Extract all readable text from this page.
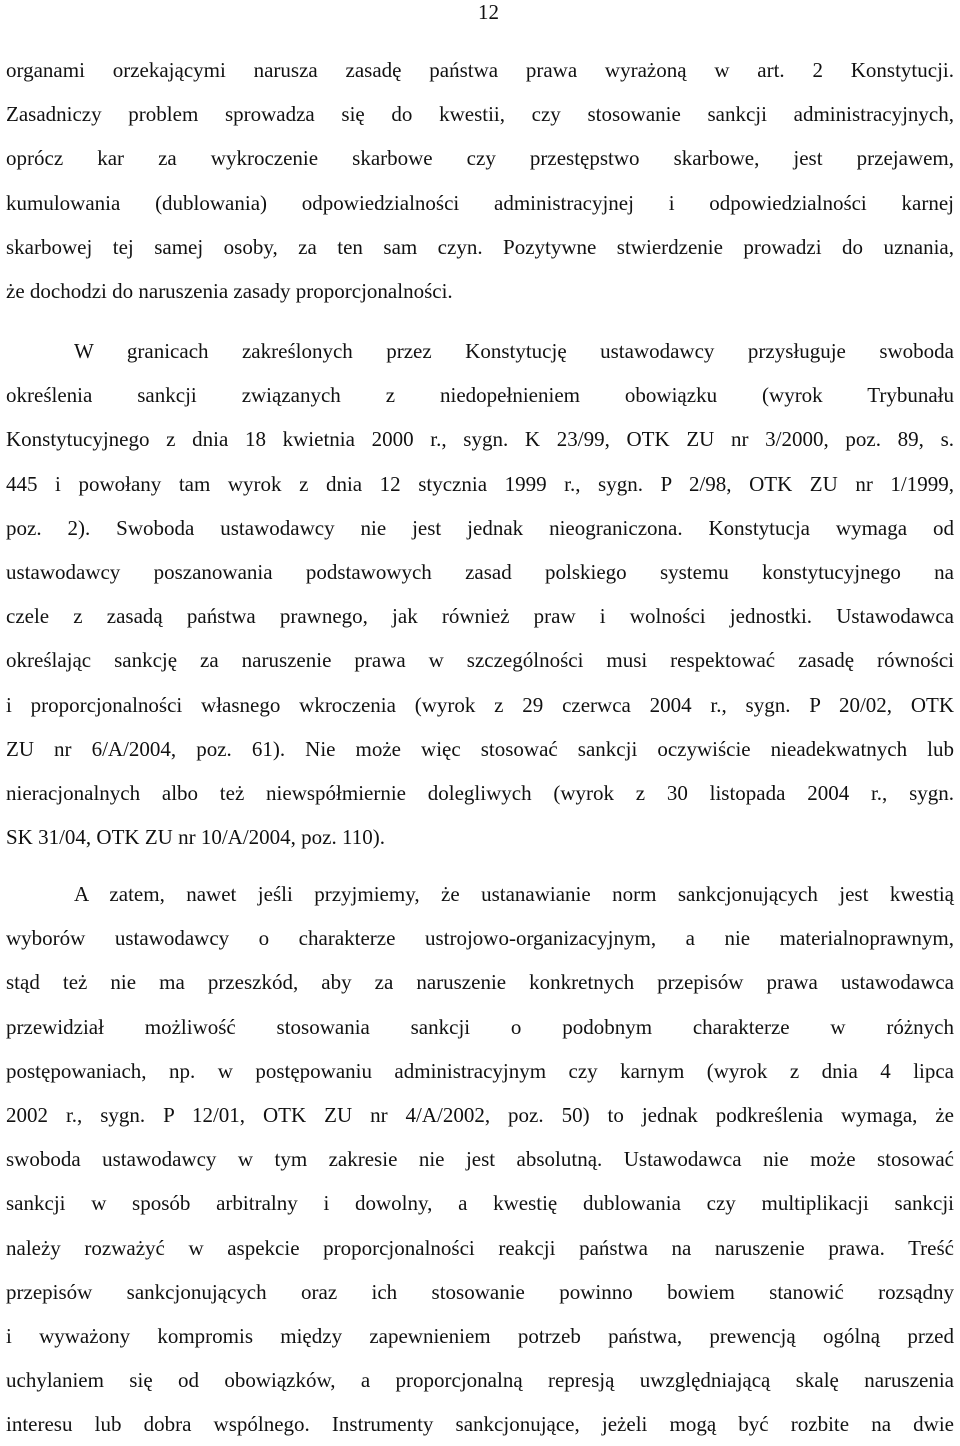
12
organami orzekającymi narusza zasadę państwa prawa wyrażoną w art. 2 Konstytucji.
Zasadniczy problem sprowadza się do kwestii, czy stosowanie sankcji administracyjnych,
oprócz kar za wykroczenie skarbowe czy przestępstwo skarbowe, jest przejawem,
kumulowania (dublowania) odpowiedzialności administracyjnej i odpowiedzialności karnej
skarbowej tej samej osoby, za ten sam czyn. Pozytywne stwierdzenie prowadzi do uznania,
że dochodzi do naruszenia zasady proporcjonalności.
W granicach zakreślonych przez Konstytucję ustawodawcy przysługuje swoboda
określenia sankcji związanych z niedopełnieniem obowiązku (wyrok Trybunału
Konstytucyjnego z dnia 18 kwietnia 2000 r., sygn. K 23/99, OTK ZU nr 3/2000, poz. 89, s.
445 i powołany tam wyrok z dnia 12 stycznia 1999 r., sygn. P 2/98, OTK ZU nr 1/1999,
poz. 2). Swoboda ustawodawcy nie jest jednak nieograniczona. Konstytucja wymaga od
ustawodawcy poszanowania podstawowych zasad polskiego systemu konstytucyjnego na
czele z zasadą państwa prawnego, jak również praw i wolności jednostki. Ustawodawca
określając sankcję za naruszenie prawa w szczególności musi respektować zasadę równości
i proporcjonalności własnego wkroczenia (wyrok z 29 czerwca 2004 r., sygn. P 20/02, OTK
ZU nr 6/A/2004, poz. 61). Nie może więc stosować sankcji oczywiście nieadekwatnych lub
nieracjonalnych albo też niewspółmiernie dolegliwych (wyrok z 30 listopada 2004 r., sygn.
SK 31/04, OTK ZU nr 10/A/2004, poz. 110).
A zatem, nawet jeśli przyjmiemy, że ustanawianie norm sankcjonujących jest kwestią
wyborów ustawodawcy o charakterze ustrojowo-organizacyjnym, a nie materialnoprawnym,
stąd też nie ma przeszkód, aby za naruszenie konkretnych przepisów prawa ustawodawca
przewidział możliwość stosowania sankcji o podobnym charakterze w różnych
postępowaniach, np. w postępowaniu administracyjnym czy karnym (wyrok z dnia 4 lipca
2002 r., sygn. P 12/01, OTK ZU nr 4/A/2002, poz. 50) to jednak podkreślenia wymaga, że
swoboda ustawodawcy w tym zakresie nie jest absolutną. Ustawodawca nie może stosować
sankcji w sposób arbitralny i dowolny, a kwestię dublowania czy multiplikacji sankcji
należy rozważyć w aspekcie proporcjonalności reakcji państwa na naruszenie prawa. Treść
przepisów sankcjonujących oraz ich stosowanie powinno bowiem stanowić rozsądny
i wyważony kompromis między zapewnieniem potrzeb państwa, prewencją ogólną przed
uchylaniem się od obowiązków, a proporcjonalną represją uwzględniającą skalę naruszenia
interesu lub dobra wspólnego. Instrumenty sankcjonujące, jeżeli mogą być rozbite na dwie
